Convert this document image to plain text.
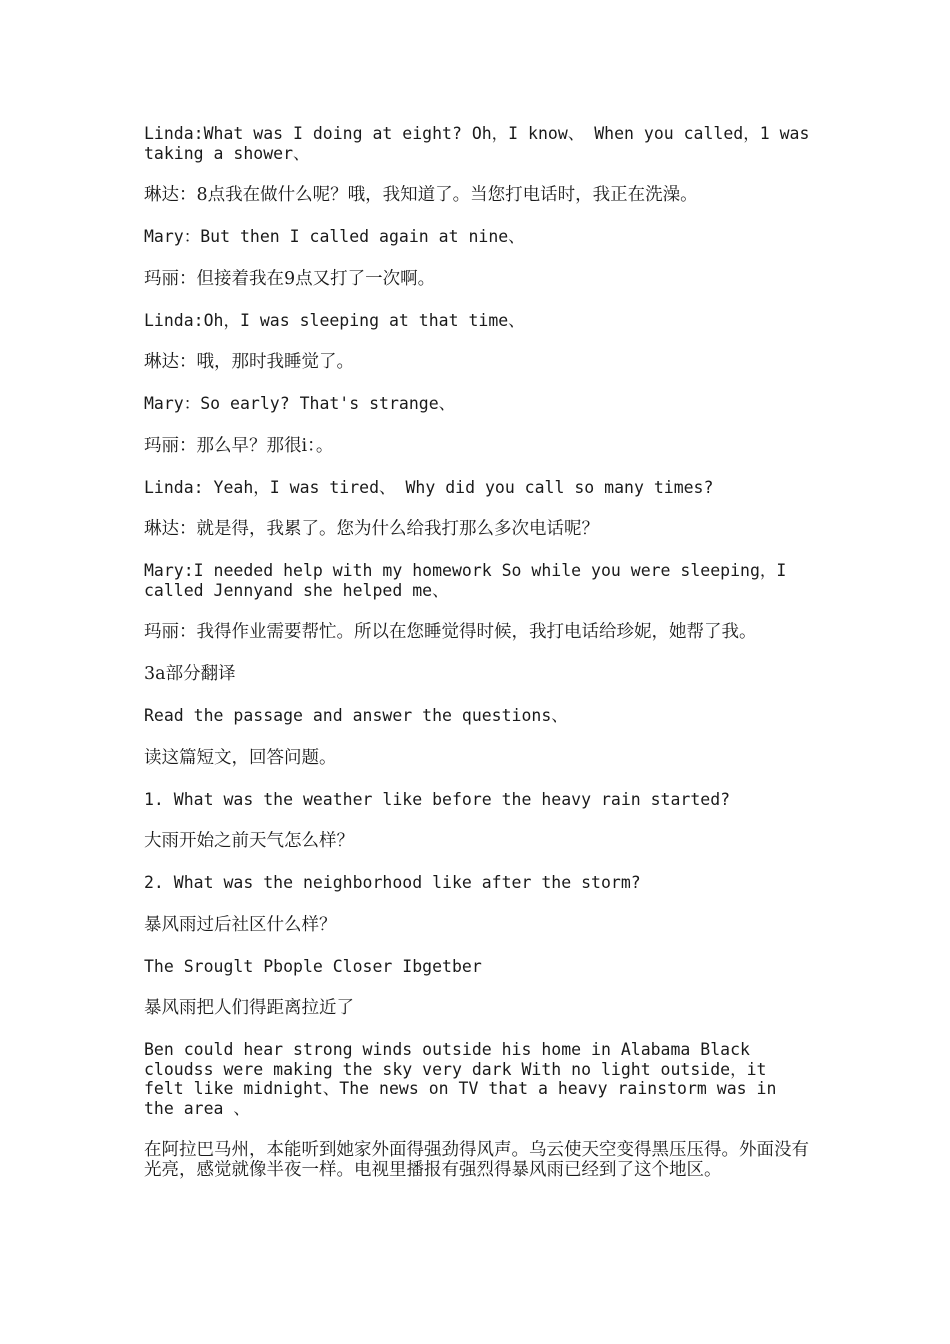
Linda:What was I doing at eight? Oh，I know、 When you called，1 was taking a shower、

琳达：8点我在做什么呢？哦，我知道了。当您打电话时，我正在洗澡。

Mary：But then I called again at nine、

玛丽：但接着我在9点又打了一次啊。

Linda:Oh，I was sleeping at that time、

琳达：哦，那时我睡觉了。

Mary：So early? That's strange、

玛丽：那么早？那很i：。

Linda: Yeah，I was tired、 Why did you call so many times?

琳达：就是得，我累了。您为什么给我打那么多次电话呢？

Mary:I needed help with my homework So while you were sleeping，I called Jennyand she helped me、

玛丽：我得作业需要帮忙。所以在您睡觉得时候，我打电话给珍妮，她帮了我。

3a部分翻译

Read the passage and answer the questions、

读这篇短文，回答问题。

1. What was the weather like before the heavy rain started?

大雨开始之前天气怎么样？

2. What was the neighborhood like after the storm?

暴风雨过后社区什么样？

The Srouglt Pbople Closer Ibgetber

暴风雨把人们得距离拉近了

Ben could hear strong winds outside his home in Alabama Black cloudss were making the sky very dark With no light outside，it felt like midnight、The news on TV that a heavy rainstorm was in the area 、

在阿拉巴马州，本能听到她家外面得强劲得风声。乌云使天空变得黑压压得。外面没有光亮，感觉就像半夜一样。电视里播报有强烈得暴风雨已经到了这个地区。
